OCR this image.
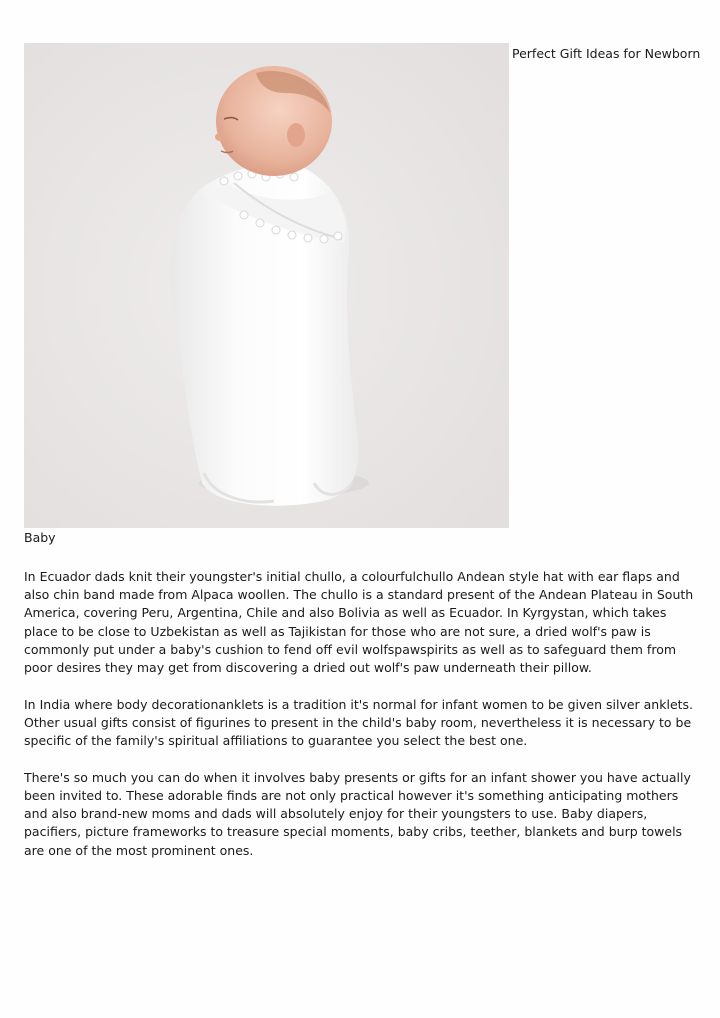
Perfect Gift Ideas for Newborn
Baby

In Ecuador dads knit their youngster's initial chullo, a colourfulchullo Andean style hat with ear flaps and also chin band made from Alpaca woollen. The chullo is a standard present of the Andean Plateau in South America, covering Peru, Argentina, Chile and also Bolivia as well as Ecuador. In Kyrgystan, which takes place to be close to Uzbekistan as well as Tajikistan for those who are not sure, a dried wolf's paw is commonly put under a baby's cushion to fend off evil wolfspawspirits as well as to safeguard them from poor desires they may get from discovering a dried out wolf's paw underneath their pillow.

In India where body decorationanklets is a tradition it's normal for infant women to be given silver anklets. Other usual gifts consist of figurines to present in the child's baby room, nevertheless it is necessary to be specific of the family's spiritual affiliations to guarantee you select the best one.

There's so much you can do when it involves baby presents or gifts for an infant shower you have actually been invited to. These adorable finds are not only practical however it's something anticipating mothers and also brand-new moms and dads will absolutely enjoy for their youngsters to use. Baby diapers, pacifiers, picture frameworks to treasure special moments, baby cribs, teether, blankets and burp towels are one of the most prominent ones.
